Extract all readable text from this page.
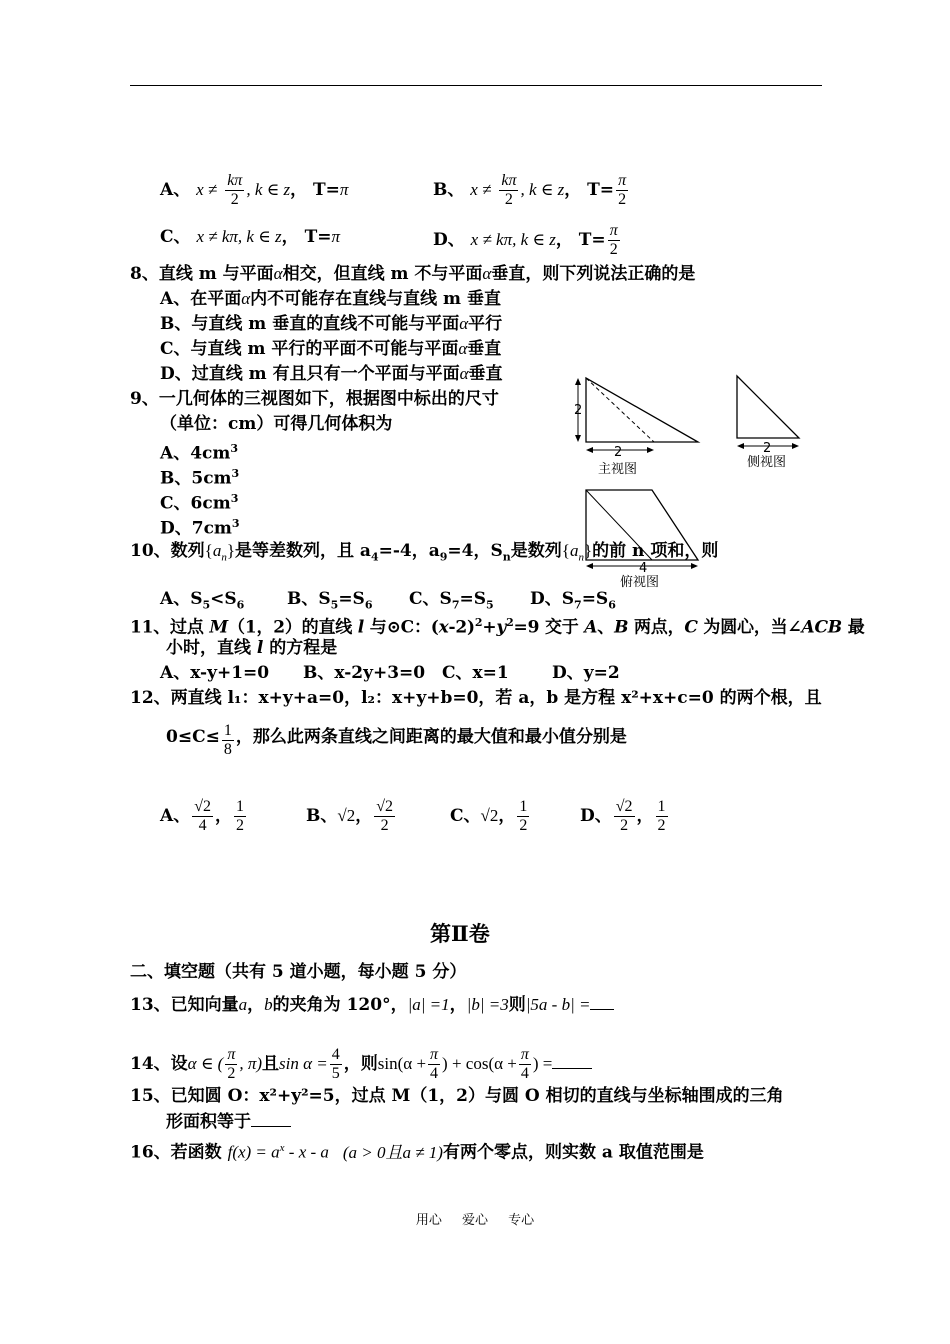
A、 $x \ne \frac{k\pi}{2}$ , k ∈ z， T=π	B、 $x \ne \frac{k\pi}{2}$ , k ∈ z， $T= \frac{\pi}{2}$
C、 x ≠ kπ, k ∈ z， T=π	D、 x ≠ kπ, k ∈ z， $T= \frac{\pi}{2}$
8、直线 m 与平面α相交，但直线 m 不与平面α垂直，则下列说法正确的是
A、在平面α内不可能存在直线与直线 m 垂直
B、与直线 m 垂直的直线不可能与平面α平行
C、与直线 m 平行的平面不可能与平面α垂直
D、过直线 m 有且只有一个平面与平面α垂直
9、一几何体的三视图如下，根据图中标出的尺寸
（单位：cm）可得几何体积为
A、$4cm^3$
B、$5cm^3$
C、$6cm^3$
D、$7cm^3$
2
2
主视图
2
侧视图
4
俯视图
10、数列$\{a_n\}$是等差数列，且 $a_4=-4$，$a_9=4$，$S_n$是数列$\{a_n\}$的前 n 项和，则
A、$S_5<S_6$	B、$S_5=S_6$ C、$S_7=S_5$ D、$S_7=S_6$
11、过点 M（1，2）的直线 l 与⊙C：$(x-2)^2+y^2=9$ 交于 A、B 两点，C 为圆心，当∠ACB 最
小时，直线 l 的方程是
A、x-y+1=0 B、x-2y+3=0 C、x=1	D、y=2
12、两直线 l₁：x+y+a=0，l₂：x+y+b=0，若 a，b 是方程 x²+x+c=0 的两个根，且
$0\le C\le \frac{1}{8}$ ，那么此两条直线之间距离的最大值和最小值分别是
A、 $\frac{√2}{4}$ ， $\frac{1}{2}$	B、√2， $\frac{√2}{2}$	C、√2， $\frac{1}{2}$	D、 $\frac{√2}{2}$ ， $\frac{1}{2}$
第Ⅱ卷
二、填空题（共有 5 道小题，每小题 5 分）
13、已知向量a，b的夹角为 120°，|a| =1，|b| =3则|5a - b| =
14、设α ∈ ( $\frac{\pi}{2}$ , π)且$\sin \alpha = \frac{4}{5}$ ，则$\sin(\alpha + \frac{\pi}{4}$ ) + $\cos(\alpha + \frac{\pi}{4}$ ) =
15、已知圆 O：x²+y²=5，过点 M（1，2）与圆 O 相切的直线与坐标轴围成的三角
形面积等于
16、若函数 $f(x) = a^x - x - a$ (a > 0且a ≠ 1)有两个零点，则实数 a 取值范围是
用心 爱心 专心
